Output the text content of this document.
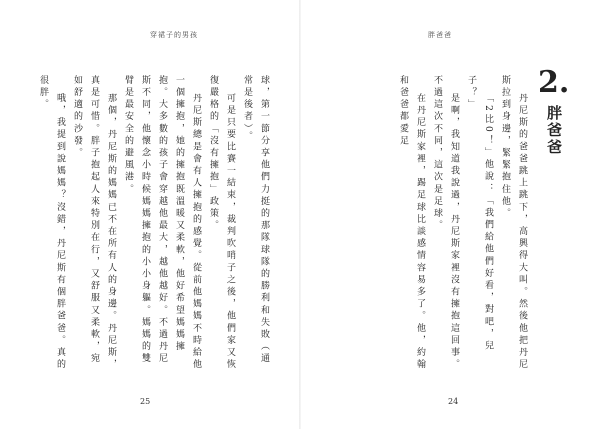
穿裙子的男孩

球，第一節分享他們力挺的那隊球隊的勝利和失敗（通常是後者）。

可是只要比賽一結束，裁判吹哨子之後，他們家又恢復嚴格的「沒有擁抱」政策。

丹尼斯總是會有人擁抱的感覺。從前他媽媽不時給他一個擁抱，她的擁抱既溫暖又柔軟，他好希望媽媽擁抱。大多數的孩子會穿越他最大，越他越好。不過丹尼斯不同，他懷念小時候媽媽擁抱的小小身軀。媽媽的雙臂是最安全的避風港。

那個，丹尼斯的媽媽已不在所有人的身邊。丹尼斯，真是可惜。胖子抱起人來特別在行，又舒服又柔軟，宛如舒適的沙發。

哦，我提到說媽媽？沒錯，丹尼斯有個胖爸爸。真的很胖。

25
胖爸爸
2.
胖爸爸

丹尼斯的爸爸跳上跳下，高興得大叫。然後他把丹尼斯拉到身邊，緊緊抱住他。

「2比0！」他說：「我們給他們好看，對吧，兒子？」

是啊，我知道我說過，丹尼斯家裡沒有擁抱這回事。不過這次不同，這次是足球。

在丹尼斯家裡，踢足球比談感情容易多了。他，約翰和爸爸都愛足

24
